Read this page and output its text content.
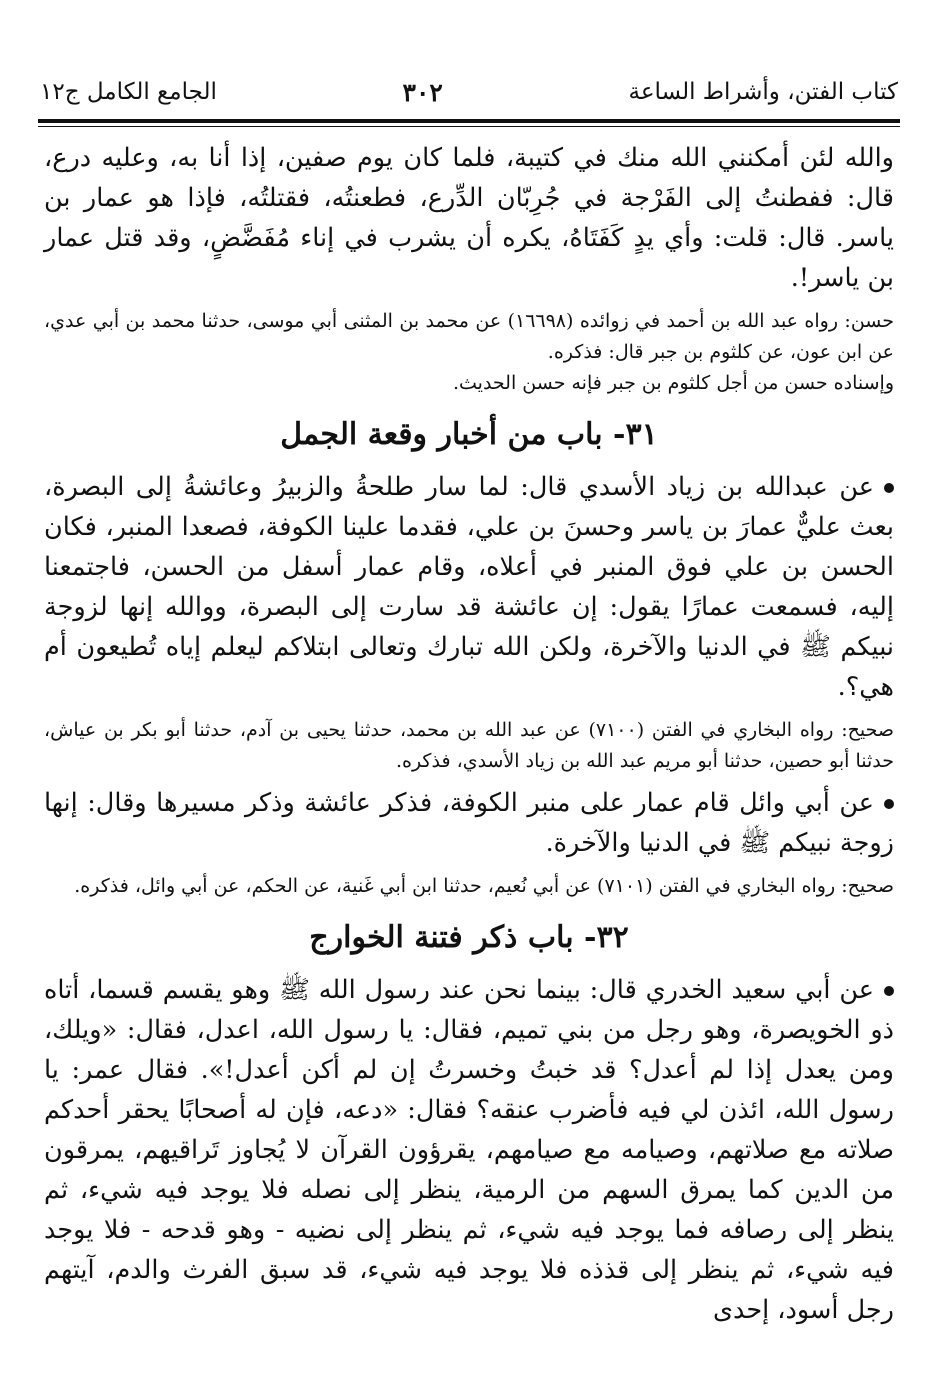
كتاب الفتن، وأشراط الساعة
٣٠٢
الجامع الكامل ج١٢

والله لئن أمكنني الله منك في كتيبة، فلما كان يوم صفين، إذا أنا به، وعليه درع، قال: ففطنتُ إلى الفَرْجة في جُرِبّان الدِّرع، فطعنتُه، فقتلتُه، فإذا هو عمار بن ياسر. قال: قلت: وأي يدٍ كَفَتَاهُ، يكره أن يشرب في إناء مُفَضَّضٍ، وقد قتل عمار بن ياسر!.

حسن: رواه عبد الله بن أحمد في زوائده (١٦٦٩٨) عن محمد بن المثنى أبي موسى، حدثنا محمد بن أبي عدي، عن ابن عون، عن كلثوم بن جبر قال: فذكره.

وإسناده حسن من أجل كلثوم بن جبر فإنه حسن الحديث.

٣١- باب من أخبار وقعة الجمل

عن عبدالله بن زياد الأسدي قال: لما سار طلحةُ والزبيرُ وعائشةُ إلى البصرة، بعث عليٌّ عمارَ بن ياسر وحسنَ بن علي، فقدما علينا الكوفة، فصعدا المنبر، فكان الحسن بن علي فوق المنبر في أعلاه، وقام عمار أسفل من الحسن، فاجتمعنا إليه، فسمعت عمارًا يقول: إن عائشة قد سارت إلى البصرة، ووالله إنها لزوجة نبيكم ﷺ في الدنيا والآخرة، ولكن الله تبارك وتعالى ابتلاكم ليعلم إياه تُطيعون أم هي؟.

صحيح: رواه البخاري في الفتن (٧١٠٠) عن عبد الله بن محمد، حدثنا يحيى بن آدم، حدثنا أبو بكر بن عياش، حدثنا أبو حصين، حدثنا أبو مريم عبد الله بن زياد الأسدي، فذكره.

عن أبي وائل قام عمار على منبر الكوفة، فذكر عائشة وذكر مسيرها وقال: إنها زوجة نبيكم ﷺ في الدنيا والآخرة.

صحيح: رواه البخاري في الفتن (٧١٠١) عن أبي نُعيم، حدثنا ابن أبي غَنية، عن الحكم، عن أبي وائل، فذكره.

٣٢- باب ذكر فتنة الخوارج

عن أبي سعيد الخدري قال: بينما نحن عند رسول الله ﷺ وهو يقسم قسما، أتاه ذو الخويصرة، وهو رجل من بني تميم، فقال: يا رسول الله، اعدل، فقال: «ويلك، ومن يعدل إذا لم أعدل؟ قد خبتُ وخسرتُ إن لم أكن أعدل!». فقال عمر: يا رسول الله، ائذن لي فيه فأضرب عنقه؟ فقال: «دعه، فإن له أصحابًا يحقر أحدكم صلاته مع صلاتهم، وصيامه مع صيامهم، يقرؤون القرآن لا يُجاوز تَراقيهم، يمرقون من الدين كما يمرق السهم من الرمية، ينظر إلى نصله فلا يوجد فيه شيء، ثم ينظر إلى رصافه فما يوجد فيه شيء، ثم ينظر إلى نضيه - وهو قدحه - فلا يوجد فيه شيء، ثم ينظر إلى قذذه فلا يوجد فيه شيء، قد سبق الفرث والدم، آيتهم رجل أسود، إحدى
